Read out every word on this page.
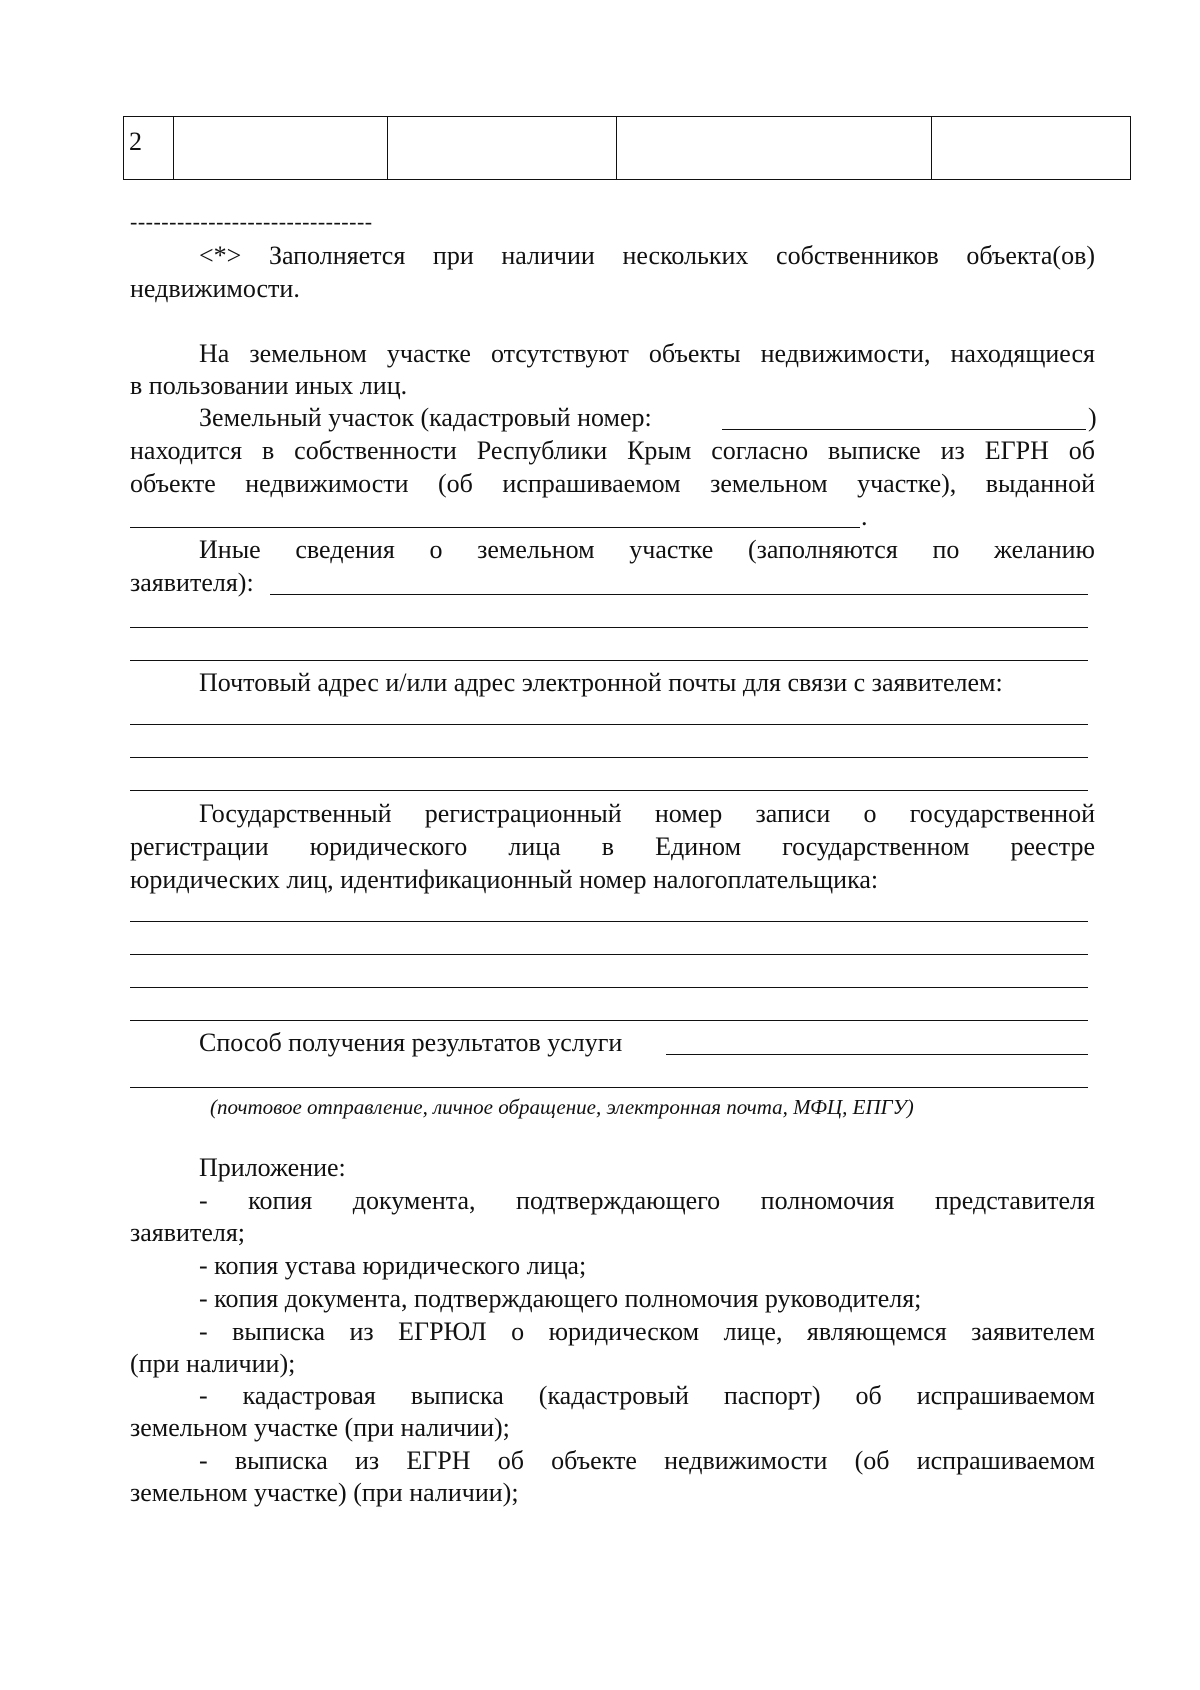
2				
-------------------------------
<*> Заполняется при наличии нескольких собственников объекта(ов)
недвижимости.
На земельном участке отсутствуют объекты недвижимости, находящиеся
в пользовании иных лиц.
Земельный участок (кадастровый номер:	)
находится в собственности Республики Крым согласно выписке из ЕГРН об
объекте недвижимости (об испрашиваемом земельном участке), выданной
.
Иные сведения о земельном участке (заполняются по желанию
заявителя):
Почтовый адрес и/или адрес электронной почты для связи с заявителем:
Государственный регистрационный номер записи о государственной
регистрации юридического лица в Едином государственном реестре
юридических лиц, идентификационный номер налогоплательщика:
Способ получения результатов услуги
(почтовое отправление, личное обращение, электронная почта, МФЦ, ЕПГУ)
Приложение:
- копия документа, подтверждающего полномочия представителя
заявителя;
- копия устава юридического лица;
- копия документа, подтверждающего полномочия руководителя;
- выписка из ЕГРЮЛ о юридическом лице, являющемся заявителем
(при наличии);
- кадастровая выписка (кадастровый паспорт) об испрашиваемом
земельном участке (при наличии);
- выписка из ЕГРН об объекте недвижимости (об испрашиваемом
земельном участке) (при наличии);
